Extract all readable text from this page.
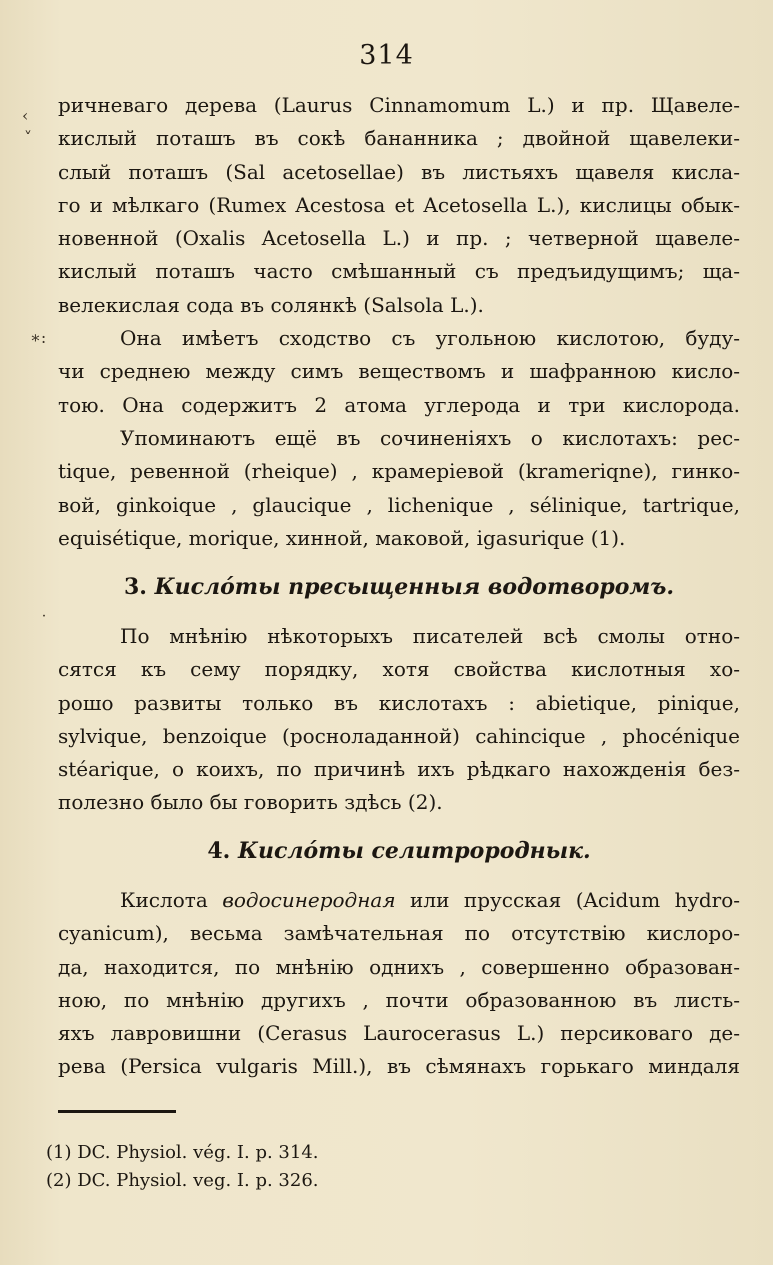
314
‹
˅
∗:
˙

ричневаго дерева (Laurus Cinnamomum L.) и пр. Щавеле-
кислый поташъ въ сокѣ бананника ; двойной щавелеки-
слый поташъ (Sal acetosellae) въ листьяхъ щавеля кисла-
го и мѣлкаго (Rumex Acestosa et Acetosella L.), кислицы обык-
новенной (Oxalis Acetosella L.) и пр. ; четверной щавеле-
кислый поташъ часто смѣшанный съ предъидущимъ; ща-
велекислая сода въ солянкѣ (Salsola L.).

Она имѣетъ сходство съ угольною кислотою, буду-
чи среднею между симъ веществомъ и шафранною кисло-
тою. Она содержитъ 2 атома углерода и три кислорода.

Упоминаютъ ещё въ сочиненіяхъ о кислотахъ: рес-
tique, ревенной (rheique) , крамеріевой (krameriqne), гинко-
вой, ginkoique , glaucique , lichenique , sélinique, tartrique,
equisétique, morique, хинной, маковой, igasurique (1).

3. Кислóты пресыщенныя водотворомъ.

По мнѣнію нѣкоторыхъ писателей всѣ смолы отно-
сятся къ сему порядку, хотя свойства кислотныя хо-
рошо развиты только въ кислотахъ : abietique, pinique,
sylvique, benzoique (росноладанной) cahincique , phocénique
stéarique, о коихъ, по причинѣ ихъ рѣдкаго нахожденія без-
полезно было бы говорить здѣсь (2).

4. Кислóты селитророднык.

Кислота водосинеродная или прусская (Acidum hydro-
cyanicum), весьма замѣчательная по отсутствію кислоро-
да, находится, по мнѣнію однихъ , совершенно образован-
ною, по мнѣнію другихъ , почти образованною въ листь-
яхъ лавровишни (Cerasus Laurocerasus L.) персиковаго де-
рева (Persica vulgaris Mill.), въ сѣмянахъ горькаго миндаля

(1) DC. Physiol. vég. I. p. 314.
(2) DC. Physiol. veg. I. p. 326.
